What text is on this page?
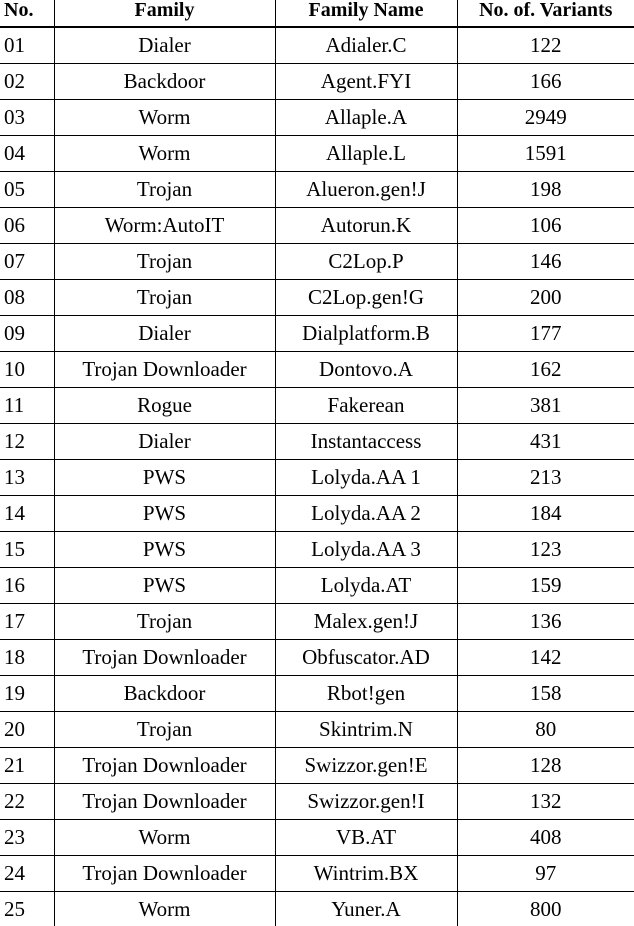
No.	Family	Family Name	No. of. Variants
01	Dialer	Adialer.C	122
02	Backdoor	Agent.FYI	166
03	Worm	Allaple.A	2949
04	Worm	Allaple.L	1591
05	Trojan	Alueron.gen!J	198
06	Worm:AutoIT	Autorun.K	106
07	Trojan	C2Lop.P	146
08	Trojan	C2Lop.gen!G	200
09	Dialer	Dialplatform.B	177
10	Trojan Downloader	Dontovo.A	162
11	Rogue	Fakerean	381
12	Dialer	Instantaccess	431
13	PWS	Lolyda.AA 1	213
14	PWS	Lolyda.AA 2	184
15	PWS	Lolyda.AA 3	123
16	PWS	Lolyda.AT	159
17	Trojan	Malex.gen!J	136
18	Trojan Downloader	Obfuscator.AD	142
19	Backdoor	Rbot!gen	158
20	Trojan	Skintrim.N	80
21	Trojan Downloader	Swizzor.gen!E	128
22	Trojan Downloader	Swizzor.gen!I	132
23	Worm	VB.AT	408
24	Trojan Downloader	Wintrim.BX	97
25	Worm	Yuner.A	800
